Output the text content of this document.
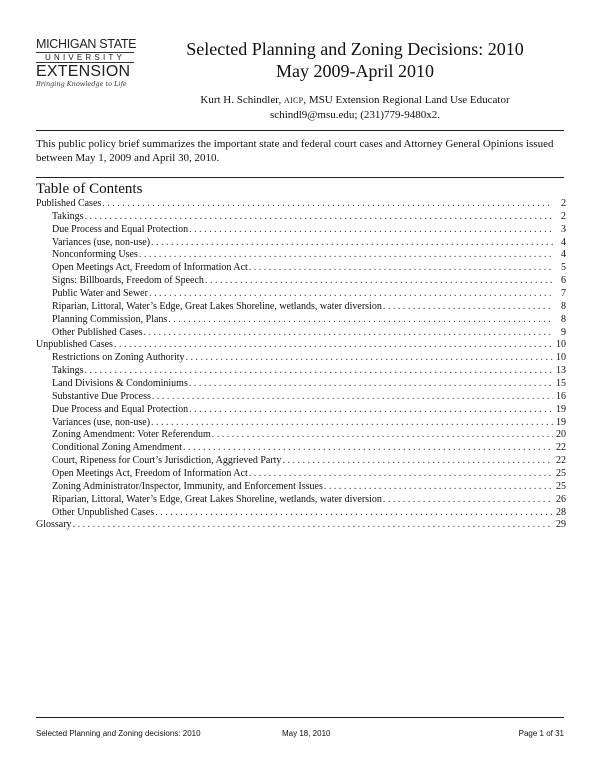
MICHIGAN STATE
UNIVERSITY
EXTENSION
Bringing Knowledge to Life
Selected Planning and Zoning Decisions: 2010
May 2009-April 2010
Kurt H. Schindler, AICP, MSU Extension Regional Land Use Educator
schindl9@msu.edu; (231)779-9480x2.
This public policy brief summarizes the important state and federal court cases and Attorney General Opinions issued between May 1, 2009 and April 30, 2010.
Table of Contents
Published Cases . . .	2
Takings . . .	2
Due Process and Equal Protection . . .	3
Variances (use, non-use) . . .	4
Nonconforming Uses . . .	4
Open Meetings Act, Freedom of Information Act . . .	5
Signs: Billboards, Freedom of Speech . . .	6
Public Water and Sewer . . .	7
Riparian, Littoral, Water’s Edge, Great Lakes Shoreline, wetlands, water diversion . . .	8
Planning Commission, Plans . . .	8
Other Published Cases . . .	9
Unpublished Cases . . .	10
Restrictions on Zoning Authority . . .	10
Takings . . .	13
Land Divisions & Condominiums . . .	15
Substantive Due Process . . .	16
Due Process and Equal Protection . . .	19
Variances (use, non-use) . . .	19
Zoning Amendment: Voter Referendum . . .	20
Conditional Zoning Amendment . . .	22
Court, Ripeness for Court’s Jurisdiction, Aggrieved Party . . .	22
Open Meetings Act, Freedom of Information Act . . .	25
Zoning Administrator/Inspector, Immunity, and Enforcement Issues . . .	25
Riparian, Littoral, Water’s Edge, Great Lakes Shoreline, wetlands, water diversion . . .	26
Other Unpublished Cases . . .	28
Glossary . . .	29
Selected Planning and Zoning decisions: 2010	May 18, 2010	Page 1 of 31
